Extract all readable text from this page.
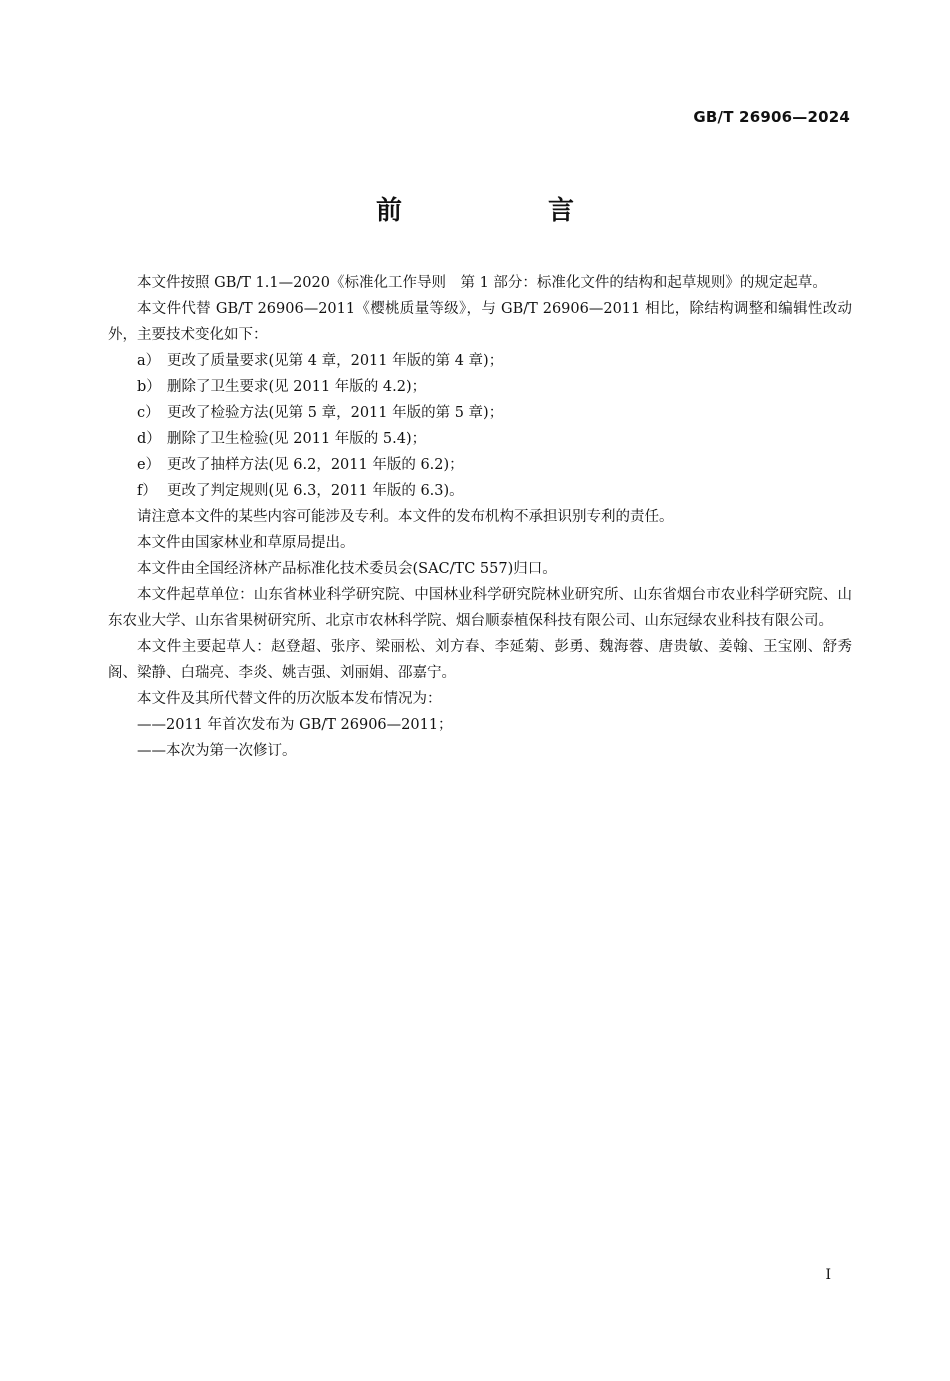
GB/T 26906—2024
前　言

本文件按照 GB/T 1.1—2020《标准化工作导则　第 1 部分：标准化文件的结构和起草规则》的规定起草。

本文件代替 GB/T 26906—2011《樱桃质量等级》，与 GB/T 26906—2011 相比，除结构调整和编辑性改动外，主要技术变化如下：

a） 更改了质量要求(见第 4 章，2011 年版的第 4 章)；

b） 删除了卫生要求(见 2011 年版的 4.2)；

c） 更改了检验方法(见第 5 章，2011 年版的第 5 章)；

d） 删除了卫生检验(见 2011 年版的 5.4)；

e） 更改了抽样方法(见 6.2，2011 年版的 6.2)；

f） 更改了判定规则(见 6.3，2011 年版的 6.3)。

请注意本文件的某些内容可能涉及专利。本文件的发布机构不承担识别专利的责任。

本文件由国家林业和草原局提出。

本文件由全国经济林产品标准化技术委员会(SAC/TC 557)归口。

本文件起草单位：山东省林业科学研究院、中国林业科学研究院林业研究所、山东省烟台市农业科学研究院、山东农业大学、山东省果树研究所、北京市农林科学院、烟台顺泰植保科技有限公司、山东冠绿农业科技有限公司。

本文件主要起草人：赵登超、张序、梁丽松、刘方春、李延菊、彭勇、魏海蓉、唐贵敏、姜翰、王宝刚、舒秀阁、梁静、白瑞亮、李炎、姚吉强、刘丽娟、邵嘉宁。

本文件及其所代替文件的历次版本发布情况为：

——2011 年首次发布为 GB/T 26906—2011；

——本次为第一次修订。

I
